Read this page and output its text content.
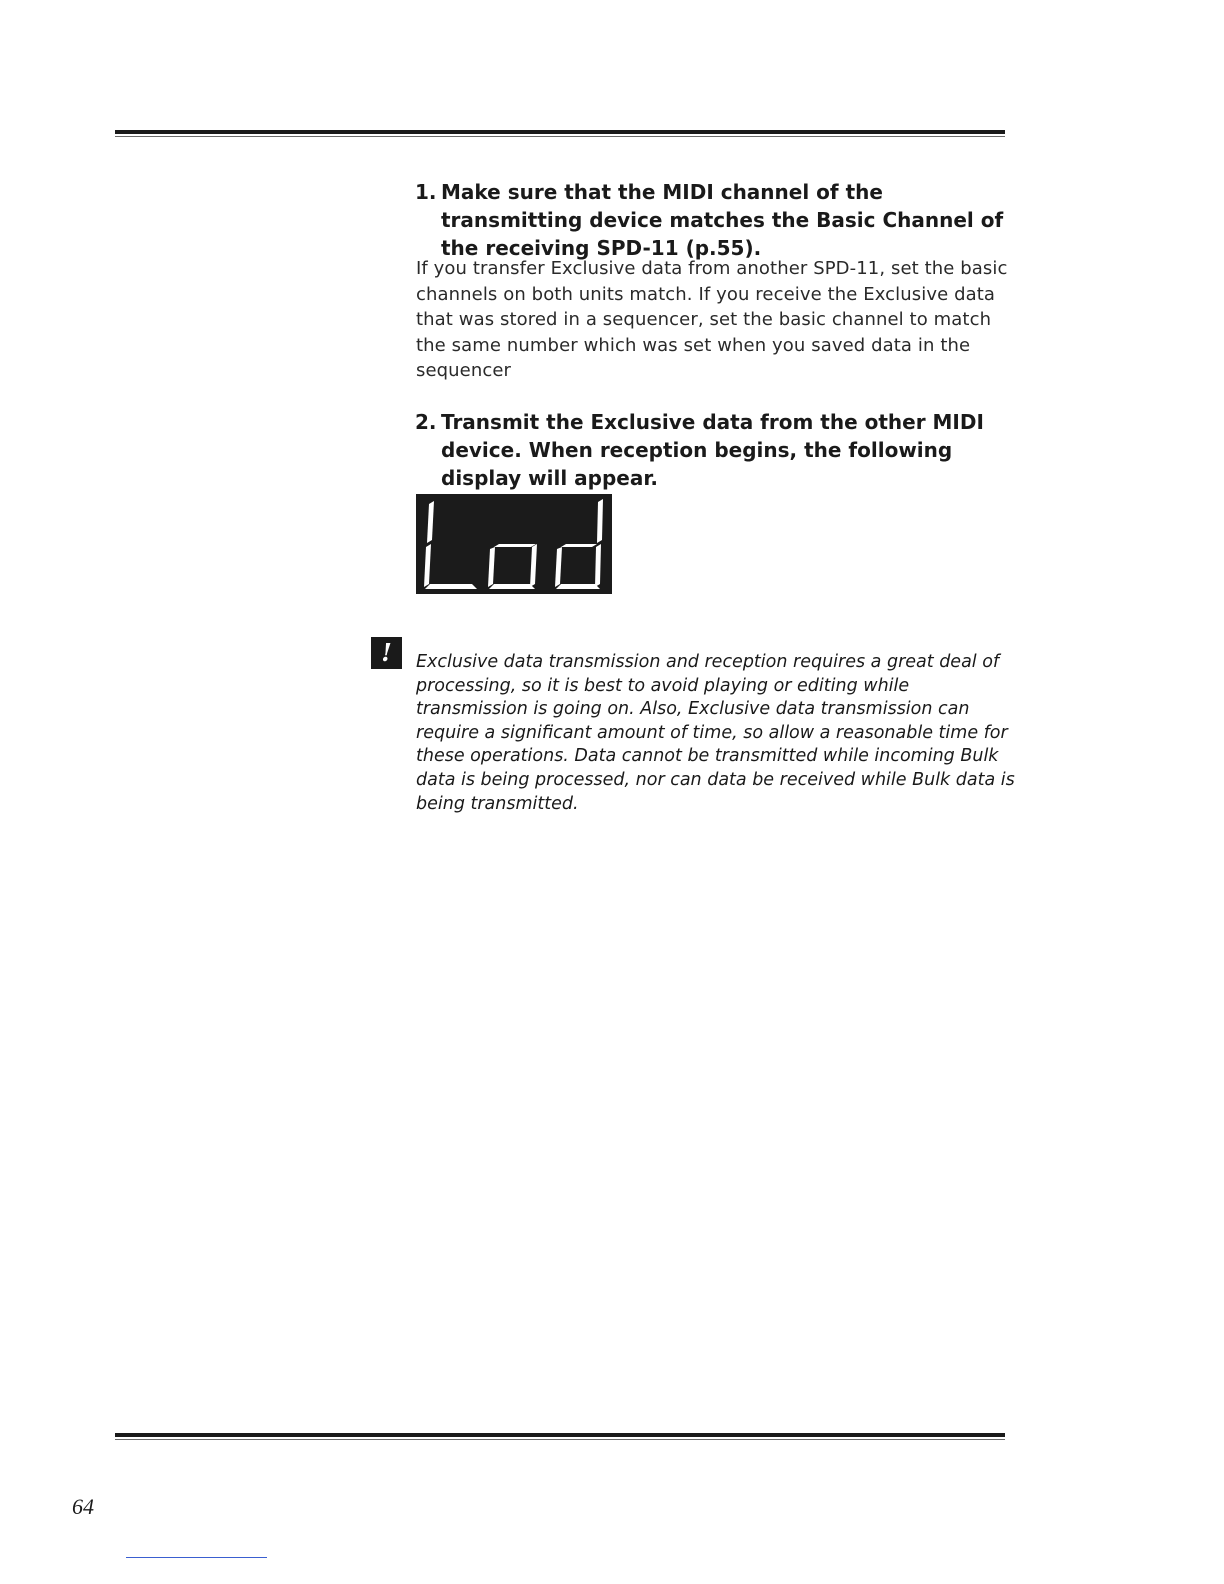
1. Make sure that the MIDI channel of the transmitting device matches the Basic Channel of the receiving SPD-11 (p.55).
If you transfer Exclusive data from another SPD-11, set the basic channels on both units match. If you receive the Exclusive data that was stored in a sequencer, set the basic channel to match the same number which was set when you saved data in the sequencer
2. Transmit the Exclusive data from the other MIDI device. When reception begins, the following display will appear.
!	Exclusive data transmission and reception requires a great deal of processing, so it is best to avoid playing or editing while transmission is going on. Also, Exclusive data transmission can require a significant amount of time, so allow a reasonable time for these operations. Data cannot be transmitted while incoming Bulk data is being processed, nor can data be received while Bulk data is being transmitted.
64
